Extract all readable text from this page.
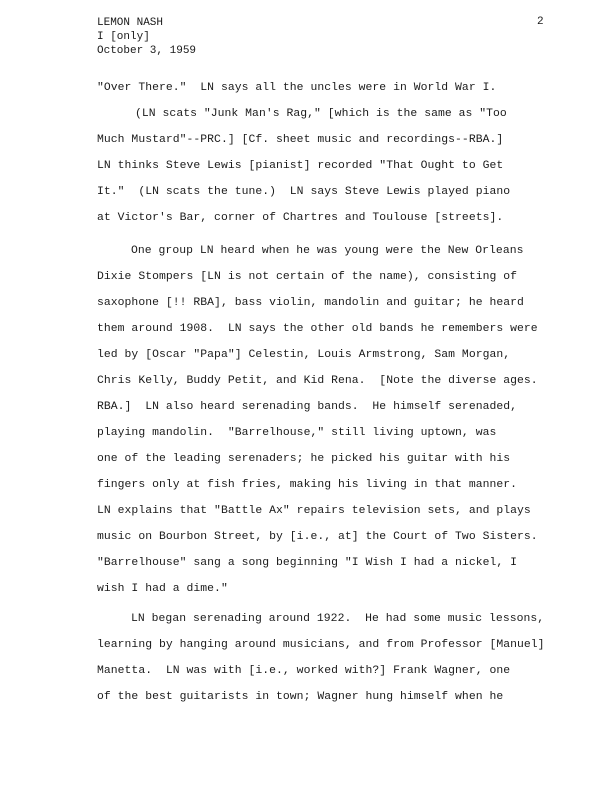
LEMON NASH
I [only]
October 3, 1959
2
"Over There."  LN says all the uncles were in World War I.
(LN scats "Junk Man's Rag," [which is the same as "Too
Much Mustard"--PRC.] [Cf. sheet music and recordings--RBA.]
LN thinks Steve Lewis [pianist] recorded "That Ought to Get
It."  (LN scats the tune.)  LN says Steve Lewis played piano
at Victor's Bar, corner of Chartres and Toulouse [streets].
One group LN heard when he was young were the New Orleans
Dixie Stompers [LN is not certain of the name), consisting of
saxophone [!! RBA], bass violin, mandolin and guitar; he heard
them around 1908.  LN says the other old bands he remembers were
led by [Oscar "Papa"] Celestin, Louis Armstrong, Sam Morgan,
Chris Kelly, Buddy Petit, and Kid Rena.  [Note the diverse ages.
RBA.]  LN also heard serenading bands.  He himself serenaded,
playing mandolin.  "Barrelhouse," still living uptown, was
one of the leading serenaders; he picked his guitar with his
fingers only at fish fries, making his living in that manner.
LN explains that "Battle Ax" repairs television sets, and plays
music on Bourbon Street, by [i.e., at] the Court of Two Sisters.
"Barrelhouse" sang a song beginning "I Wish I had a nickel, I
wish I had a dime."
LN began serenading around 1922.  He had some music lessons,
learning by hanging around musicians, and from Professor [Manuel]
Manetta.  LN was with [i.e., worked with?] Frank Wagner, one
of the best guitarists in town; Wagner hung himself when he
